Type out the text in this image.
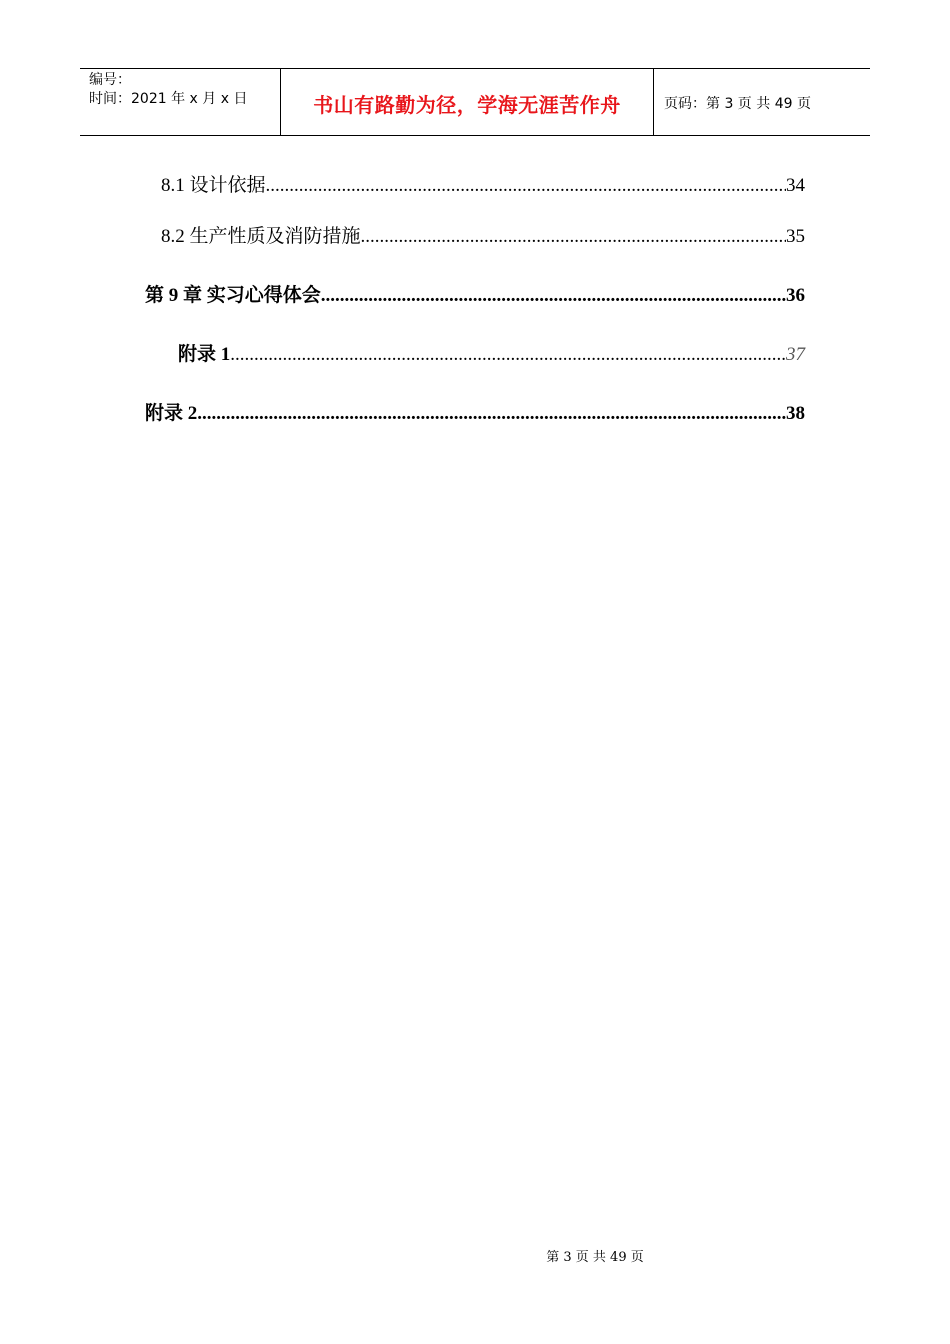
编号：
时间：2021 年 x 月 x 日	书山有路勤为径，学海无涯苦作舟	页码：第 3 页 共 49 页
8.1 设计依据 .....	34
8.2 生产性质及消防措施 .....	35
第 9 章 实习心得体会 .....	36
附录 1 .....	37
附录 2 .....	38
第 3 页 共 49 页
